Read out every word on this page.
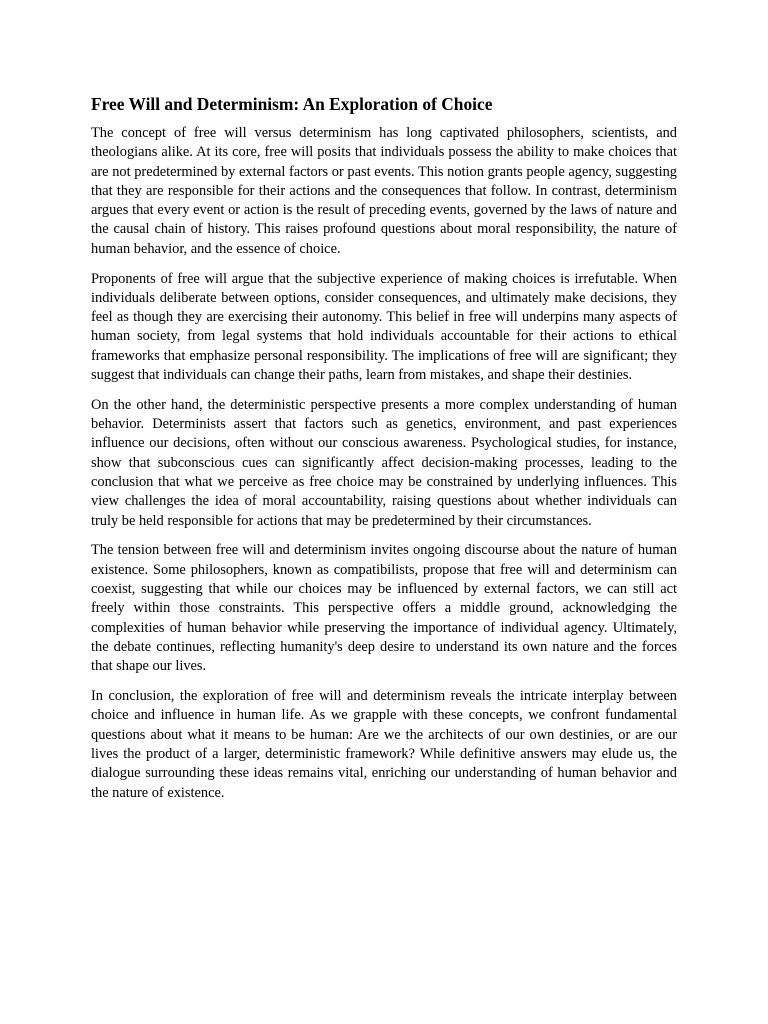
Free Will and Determinism: An Exploration of Choice

The concept of free will versus determinism has long captivated philosophers, scientists, and theologians alike. At its core, free will posits that individuals possess the ability to make choices that are not predetermined by external factors or past events. This notion grants people agency, suggesting that they are responsible for their actions and the consequences that follow. In contrast, determinism argues that every event or action is the result of preceding events, governed by the laws of nature and the causal chain of history. This raises profound questions about moral responsibility, the nature of human behavior, and the essence of choice.

Proponents of free will argue that the subjective experience of making choices is irrefutable. When individuals deliberate between options, consider consequences, and ultimately make decisions, they feel as though they are exercising their autonomy. This belief in free will underpins many aspects of human society, from legal systems that hold individuals accountable for their actions to ethical frameworks that emphasize personal responsibility. The implications of free will are significant; they suggest that individuals can change their paths, learn from mistakes, and shape their destinies.

On the other hand, the deterministic perspective presents a more complex understanding of human behavior. Determinists assert that factors such as genetics, environment, and past experiences influence our decisions, often without our conscious awareness. Psychological studies, for instance, show that subconscious cues can significantly affect decision-making processes, leading to the conclusion that what we perceive as free choice may be constrained by underlying influences. This view challenges the idea of moral accountability, raising questions about whether individuals can truly be held responsible for actions that may be predetermined by their circumstances.

The tension between free will and determinism invites ongoing discourse about the nature of human existence. Some philosophers, known as compatibilists, propose that free will and determinism can coexist, suggesting that while our choices may be influenced by external factors, we can still act freely within those constraints. This perspective offers a middle ground, acknowledging the complexities of human behavior while preserving the importance of individual agency. Ultimately, the debate continues, reflecting humanity's deep desire to understand its own nature and the forces that shape our lives.

In conclusion, the exploration of free will and determinism reveals the intricate interplay between choice and influence in human life. As we grapple with these concepts, we confront fundamental questions about what it means to be human: Are we the architects of our own destinies, or are our lives the product of a larger, deterministic framework? While definitive answers may elude us, the dialogue surrounding these ideas remains vital, enriching our understanding of human behavior and the nature of existence.
